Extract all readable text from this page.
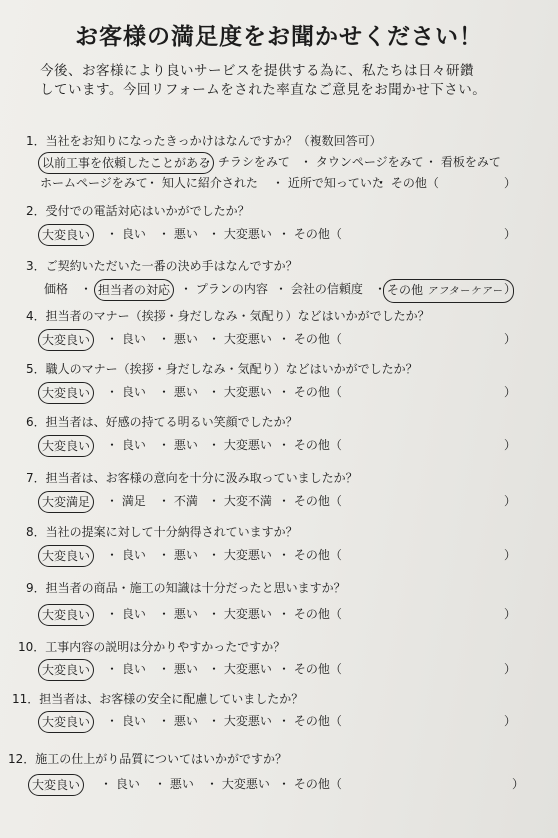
お客様の満足度をお聞かせください！
今後、お客様により良いサービスを提供する為に、私たちは日々研鑽
しています。今回リフォームをされた率直なご意見をお聞かせ下さい。
1．当社をお知りになったきっかけはなんですか？（複数回答可）
以前工事を依頼したことがある
・ チラシをみて ・ タウンページをみて ・ 看板をみて
ホームページをみて
・ 知人に紹介された ・ 近所で知っていた
・ その他（	）
2．受付での電話対応はいかがでしたか？
大変良い	・ 良い ・ 悪い ・ 大変悪い ・ その他（	）
3．ご契約いただいた一番の決め手はなんですか？
価格 ・ 担当者の対応 ・ プランの内容 ・ 会社の信頼度 ・ その他 アフターケアー ）
4．担当者のマナー（挨拶・身だしなみ・気配り）などはいかがでしたか？
大変良い	・ 良い ・ 悪い ・ 大変悪い ・ その他（	）
5．職人のマナー（挨拶・身だしなみ・気配り）などはいかがでしたか？
大変良い	・ 良い ・ 悪い ・ 大変悪い ・ その他（	）
6．担当者は、好感の持てる明るい笑顔でしたか？
大変良い	・ 良い ・ 悪い ・ 大変悪い ・ その他（	）
7．担当者は、お客様の意向を十分に汲み取っていましたか？
大変満足	・ 満足 ・ 不満 ・ 大変不満 ・ その他（	）
8．当社の提案に対して十分納得されていますか？
大変良い	・ 良い ・ 悪い ・ 大変悪い ・ その他（	）
9．担当者の商品・施工の知識は十分だったと思いますか？
大変良い	・ 良い ・ 悪い ・ 大変悪い ・ その他（	）
10．工事内容の説明は分かりやすかったですか？
大変良い	・ 良い ・ 悪い ・ 大変悪い ・ その他（	）
11．担当者は、お客様の安全に配慮していましたか？
大変良い	・ 良い ・ 悪い ・ 大変悪い ・ その他（	）
12．施工の仕上がり品質についてはいかがですか？
大変良い	・ 良い ・ 悪い ・ 大変悪い ・ その他（	）
